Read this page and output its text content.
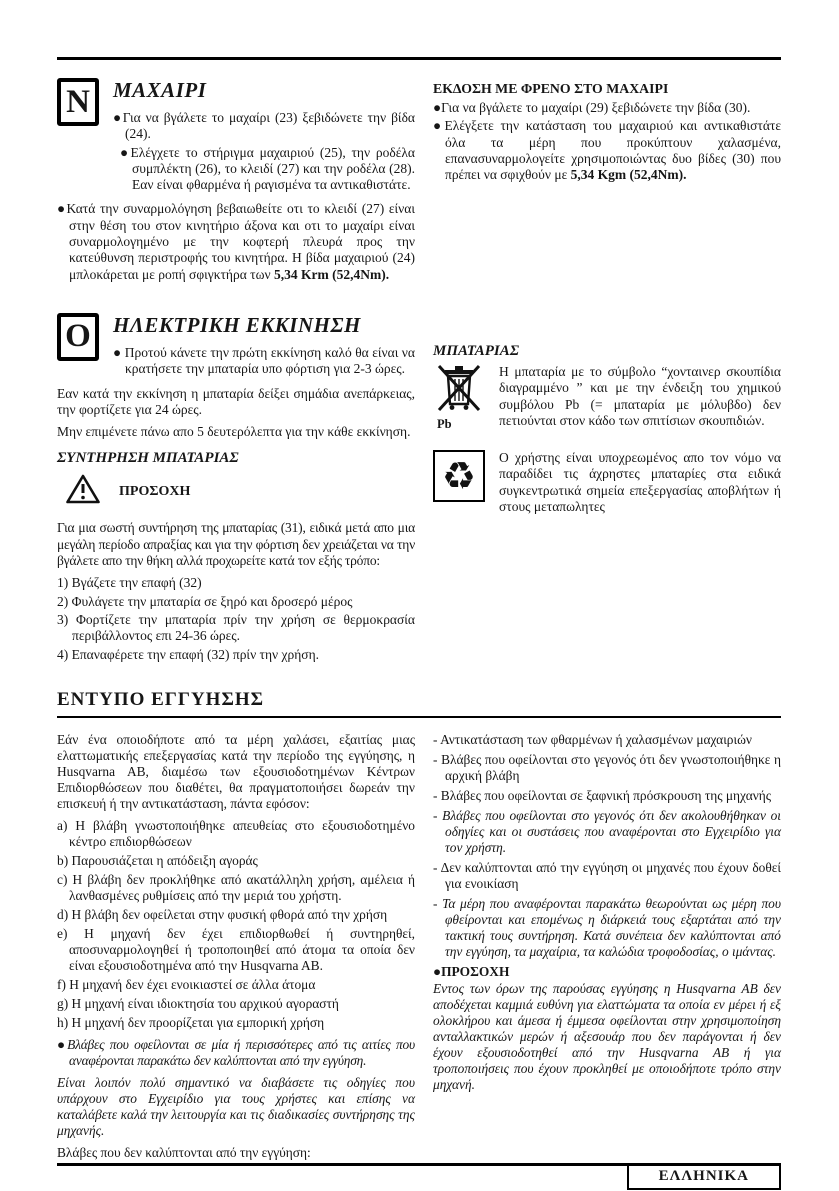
N ΜΑΧΑΙΡΙ

●Για να βγάλετε το μαχαίρι (23) ξεβιδώνετε την βίδα (24).

●Ελέγχετε το στήριγμα μαχαιριού (25), την ροδέλα συμπλέκτη (26), το κλειδί (27) και την ροδέλα (28). Εαν είναι φθαρμένα ή ραγισμένα τα αντικαθιστάτε.

●Κατά την συναρμολόγηση βεβαιωθείτε οτι το κλειδί (27) είναι στην θέση του στον κινητήριο άξονα και οτι το μαχαίρι είναι συναρμολογημένο με την κοφτερή πλευρά προς την κατεύθυνση περιστροφής του κινητήρα. Η βίδα μαχαιριού (24) μπλοκάρεται με ροπή σφιγκτήρα των 5,34 Krm (52,4Nm).

ΕΚΔΟΣΗ ΜΕ ΦΡΕΝΟ ΣΤΟ ΜΑΧΑΙΡΙ

●Για να βγάλετε το μαχαίρι (29) ξεβιδώνετε την βίδα (30).

●Ελέγξετε την κατάσταση του μαχαιριού και αντικαθιστάτε όλα τα μέρη που προκύπτουν χαλασμένα, επανασυναρμολογείτε χρησιμοποιώντας δυο βίδες (30) που πρέπει να σφιχθούν με 5,34 Kgm (52,4Nm).

O ΗΛΕΚΤΡΙΚΗ ΕΚΚΙΝΗΣΗ

● Προτού κάνετε την πρώτη εκκίνηση καλό θα είναι να κρατήσετε την μπαταρία υπο φόρτιση για 2-3 ώρες.

Εαν κατά την εκκίνηση η μπαταρία δείξει σημάδια ανεπάρκειας, την φορτίζετε για 24 ώρες.

Μην επιμένετε πάνω απο 5 δευτερόλεπτα για την κάθε εκκίνηση.

ΣΥΝΤΗΡΗΣΗ ΜΠΑΤΑΡΙΑΣ
ΠΡΟΣΟΧΗ

Για μια σωστή συντήρηση της μπαταρίας (31), ειδικά μετά απο μια μεγάλη περίοδο απραξίας και για την φόρτιση δεν χρειάζεται να την βγάλετε απο την θήκη αλλά προχωρείτε κατά τον εξής τρόπο:

1) Βγάζετε την επαφή (32)

2) Φυλάγετε την μπαταρία σε ξηρό και δροσερό μέρος

3) Φορτίζετε την μπαταρία πρίν την χρήση σε θερμοκρασία περιβάλλοντος επι 24-36 ώρες.

4) Επαναφέρετε την επαφή (32) πρίν την χρήση.

ΜΠΑΤΑΡΙΑΣ
Pb

Η μπαταρία με το σύμβολο “χονταινερ σκουπίδια διαγραμμένο ” και με την ένδειξη του χημικού συμβόλου Pb (= μπαταρία με μόλυβδο) δεν πετιούνται στον κάδο των σπιτίσιων σκουπιδιών.

♻ Ο χρήστης είναι υποχρεωμένος απο τον νόμο να παραδίδει τις άχρηστες μπαταρίες στα ειδικά συγκεντρωτικά σημεία επεξεργασίας αποβλήτων ή στους μεταπωλητες

ΕΝΤΥΠΟ ΕΓΓΥΗΣΗΣ

Εάν ένα οποιοδήποτε από τα μέρη χαλάσει, εξαιτίας μιας ελαττωματικής επεξεργασίας κατά την περίοδο της εγγύησης, η Husqvarna AB, διαμέσω των εξουσιοδοτημένων Κέντρων Επιδιορθώσεων που διαθέτει, θα πραγματοποιήσει δωρεάν την επισκευή ή την αντικατάσταση, πάντα εφόσον:

a) Η βλάβη γνωστοποιήθηκε απευθείας στο εξουσιοδοτημένο κέντρο επιδιορθώσεων

b) Παρουσιάζεται η απόδειξη αγοράς

c) Η βλάβη δεν προκλήθηκε από ακατάλληλη χρήση, αμέλεια ή λανθασμένες ρυθμίσεις από την μεριά του χρήστη.

d) Η βλάβη δεν οφείλεται στην φυσική φθορά από την χρήση

e) Η μηχανή δεν έχει επιδιορθωθεί ή συντηρηθεί, αποσυναρμολογηθεί ή τροποποιηθεί από άτομα τα οποία δεν είναι εξουσιοδοτημένα από την Husqvarna AB.

f) Η μηχανή δεν έχει ενοικιαστεί σε άλλα άτομα

g) Η μηχανή είναι ιδιοκτησία του αρχικού αγοραστή

h) Η μηχανή δεν προορίζεται για εμπορική χρήση

●Βλάβες που οφείλονται σε μία ή περισσότερες από τις αιτίες που αναφέρονται παρακάτω δεν καλύπτονται από την εγγύηση.

Είναι λοιπόν πολύ σημαντικό να διαβάσετε τις οδηγίες που υπάρχουν στο Εγχειρίδιο για τους χρήστες και επίσης να καταλάβετε καλά την λειτουργία και τις διαδικασίες συντήρησης της μηχανής.

Βλάβες που δεν καλύπτονται από την εγγύηση:

- Αντικατάσταση των φθαρμένων ή χαλασμένων μαχαιριών

- Βλάβες που οφείλονται στο γεγονός ότι δεν γνωστοποιήθηκε η αρχική βλάβη

- Βλάβες που οφείλονται σε ξαφνική πρόσκρουση της μηχανής

- Βλάβες που οφείλονται στο γεγονός ότι δεν ακολουθήθηκαν οι οδηγίες και οι συστάσεις που αναφέρονται στο Εγχειρίδιο για τον χρήστη.

- Δεν καλύπτονται από την εγγύηση οι μηχανές που έχουν δοθεί για ενοικίαση

- Τα μέρη που αναφέρονται παρακάτω θεωρούνται ως μέρη που φθείρονται και επομένως η διάρκειά τους εξαρτάται από την τακτική τους συντήρηση. Κατά συνέπεια δεν καλύπτονται από την εγγύηση, τα μαχαίρια, τα καλώδια τροφοδοσίας, ο ιμάντας.

●ΠΡΟΣΟΧΗ

Εντος των όρων της παρούσας εγγύησης η Husqvarna AB δεν αποδέχεται καμμιά ευθύνη για ελαττώματα τα οποία εν μέρει ή εξ ολοκλήρου και άμεσα ή έμμεσα οφείλονται στην χρησιμοποίηση ανταλλακτικών μερών ή αξεσουάρ που δεν παράγονται ή δεν έχουν εξουσιοδοτηθεί από την Husqvarna AB ή για τροποποιήσεις που έχουν προκληθεί με οποιοδήποτε τρόπο στην μηχανή.

ΕΛΛΗΝΙΚΑ
